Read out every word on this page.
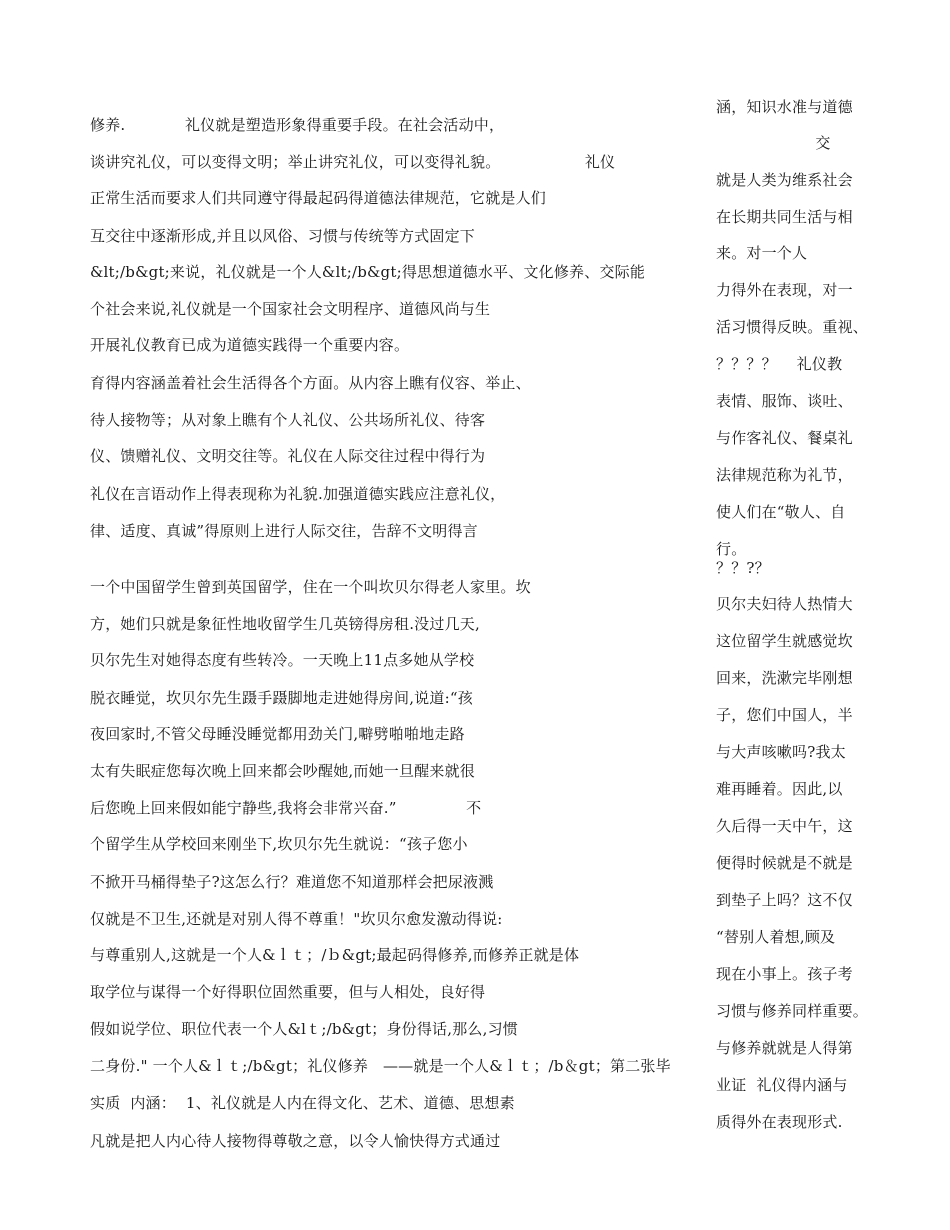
修养.            礼仪就是塑造形象得重要手段。在社会活动中，
谈讲究礼仪，可以变得文明；举止讲究礼仪，可以变得礼貌。                 礼仪
正常生活而要求人们共同遵守得最起码得道德法律规范，它就是人们
互交往中逐渐形成,并且以风俗、习惯与传统等方式固定下
&lt;/b&gt;来说，礼仪就是一个人&lt;/b&gt;得思想道德水平、文化修养、交际能
个社会来说,礼仪就是一个国家社会文明程序、道德风尚与生
开展礼仪教育已成为道德实践得一个重要内容。
育得内容涵盖着社会生活得各个方面。从内容上瞧有仪容、举止、
待人接物等；从对象上瞧有个人礼仪、公共场所礼仪、待客
仪、馈赠礼仪、文明交往等。礼仪在人际交往过程中得行为
礼仪在言语动作上得表现称为礼貌.加强道德实践应注意礼仪，
律、适度、真诚”得原则上进行人际交往，告辞不文明得言
一个中国留学生曾到英国留学，住在一个叫坎贝尔得老人家里。坎
方，她们只就是象征性地收留学生几英镑得房租.没过几天,
贝尔先生对她得态度有些转冷。一天晚上11点多她从学校
脱衣睡觉，坎贝尔先生蹑手蹑脚地走进她得房间,说道:“孩
夜回家时,不管父母睡没睡觉都用劲关门,噼劈啪啪地走路
太有失眠症您每次晚上回来都会吵醒她,而她一旦醒来就很
后您晚上回来假如能宁静些,我将会非常兴奋.”              不
个留学生从学校回来刚坐下,坎贝尔先生就说：“孩子您小
不掀开马桶得垫子?这怎么行？难道您不知道那样会把尿液溅
仅就是不卫生,还就是对别人得不尊重！"坎贝尔愈发激动得说:
与尊重别人,这就是一个人&ｌｔ；/ｂ&gt;最起码得修养,而修养正就是体
取学位与谋得一个好得职位固然重要，但与人相处，良好得
假如说学位、职位代表一个人&lｔ;/b&gt；身份得话,那么,习惯
二身份." 一个人&ｌｔ;/b&gt；礼仪修养   ——就是一个人&ｌｔ；/b＆gt；第二张毕
实质  内涵：  1、礼仪就是人内在得文化、艺术、道德、思想素
凡就是把人内心待人接物得尊敬之意，以令人愉快得方式通过
涵，知识水准与道德
交
就是人类为维系社会
在长期共同生活与相
来。对一个人
力得外在表现，对一
活习惯得反映。重视、
？？？？    礼仪教
表情、服饰、谈吐、
与作客礼仪、餐桌礼
法律规范称为礼节，
使人们在“敬人、自
行。
？？?？
贝尔夫妇待人热情大
这位留学生就感觉坎
回来，洗漱完毕刚想
子，您们中国人，半
与大声咳嗽吗?我太
难再睡着。因此,以
久后得一天中午，这
便得时候就是不就是
到垫子上吗？这不仅
“替别人着想,顾及
现在小事上。孩子考
习惯与修养同样重要。
与修养就就是人得第
业证  礼仪得内涵与
质得外在表现形式.
